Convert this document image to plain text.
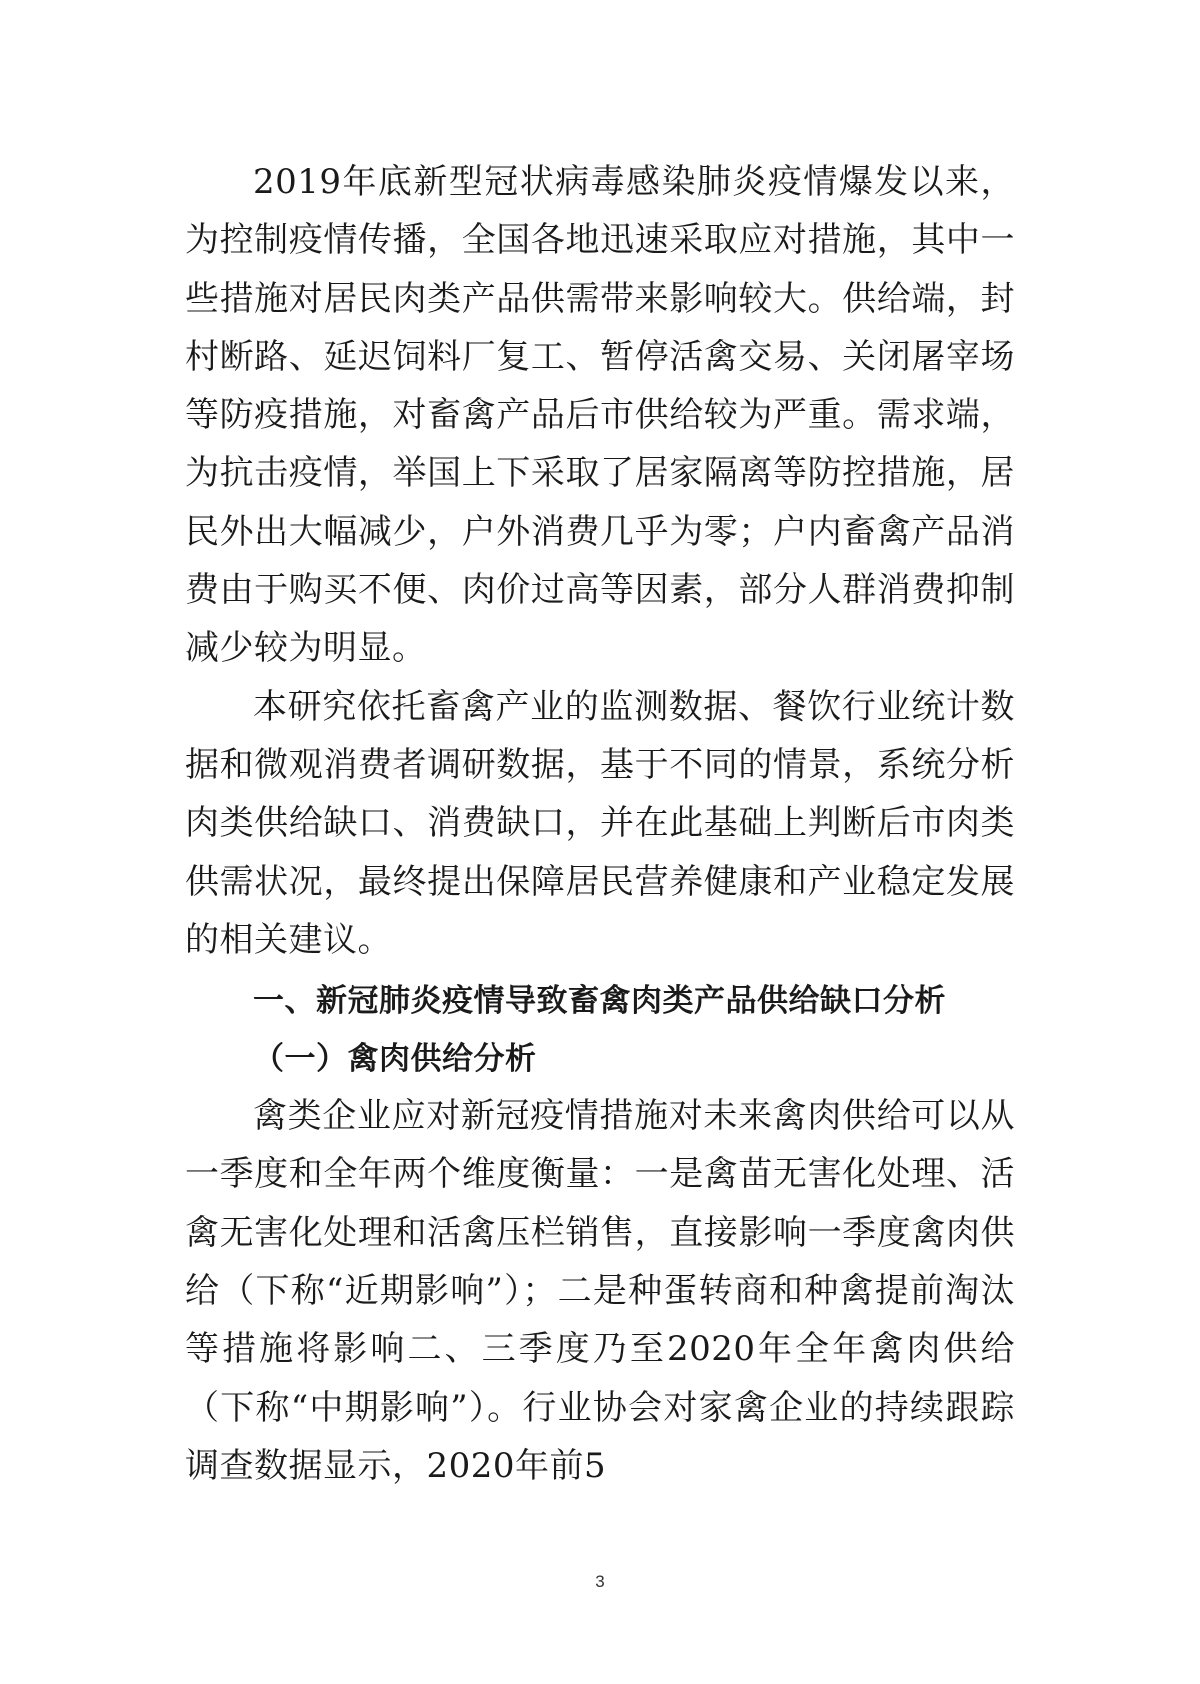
2019年底新型冠状病毒感染肺炎疫情爆发以来，为控制疫情传播，全国各地迅速采取应对措施，其中一些措施对居民肉类产品供需带来影响较大。供给端，封村断路、延迟饲料厂复工、暂停活禽交易、关闭屠宰场等防疫措施，对畜禽产品后市供给较为严重。需求端，为抗击疫情，举国上下采取了居家隔离等防控措施，居民外出大幅减少，户外消费几乎为零；户内畜禽产品消费由于购买不便、肉价过高等因素，部分人群消费抑制减少较为明显。

本研究依托畜禽产业的监测数据、餐饮行业统计数据和微观消费者调研数据，基于不同的情景，系统分析肉类供给缺口、消费缺口，并在此基础上判断后市肉类供需状况，最终提出保障居民营养健康和产业稳定发展的相关建议。

一、新冠肺炎疫情导致畜禽肉类产品供给缺口分析
（一）禽肉供给分析

禽类企业应对新冠疫情措施对未来禽肉供给可以从一季度和全年两个维度衡量：一是禽苗无害化处理、活禽无害化处理和活禽压栏销售，直接影响一季度禽肉供给（下称“近期影响”）；二是种蛋转商和种禽提前淘汰等措施将影响二、三季度乃至2020年全年禽肉供给（下称“中期影响”）。行业协会对家禽企业的持续跟踪调查数据显示，2020年前5

3
